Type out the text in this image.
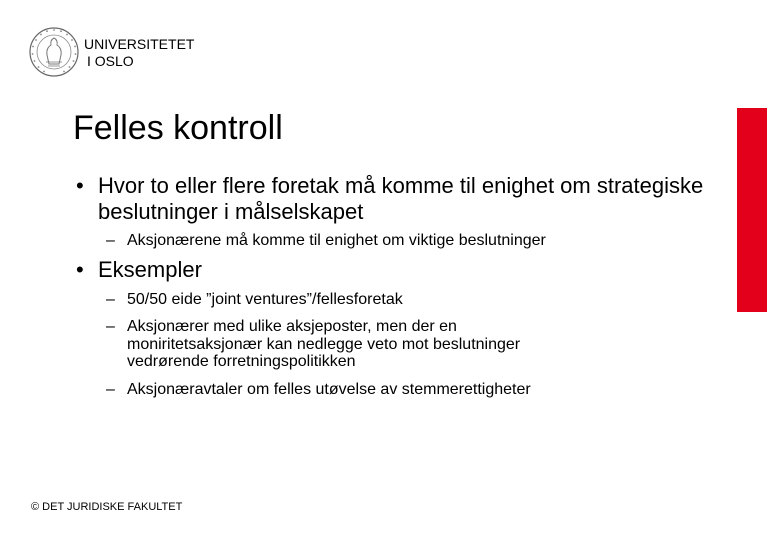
UNIVERSITETET
I OSLO
Felles kontroll
• Hvor to eller flere foretak må komme til enighet om strategiske beslutninger i målselskapet
– Aksjonærene må komme til enighet om viktige beslutninger
• Eksempler
– 50/50 eide ”joint ventures”/fellesforetak
– Aksjonærer med ulike aksjeposter, men der en moniritetsaksjonær kan nedlegge veto mot beslutninger vedrørende forretningspolitikken
– Aksjonæravtaler om felles utøvelse av stemmerettigheter
© DET JURIDISKE FAKULTET
